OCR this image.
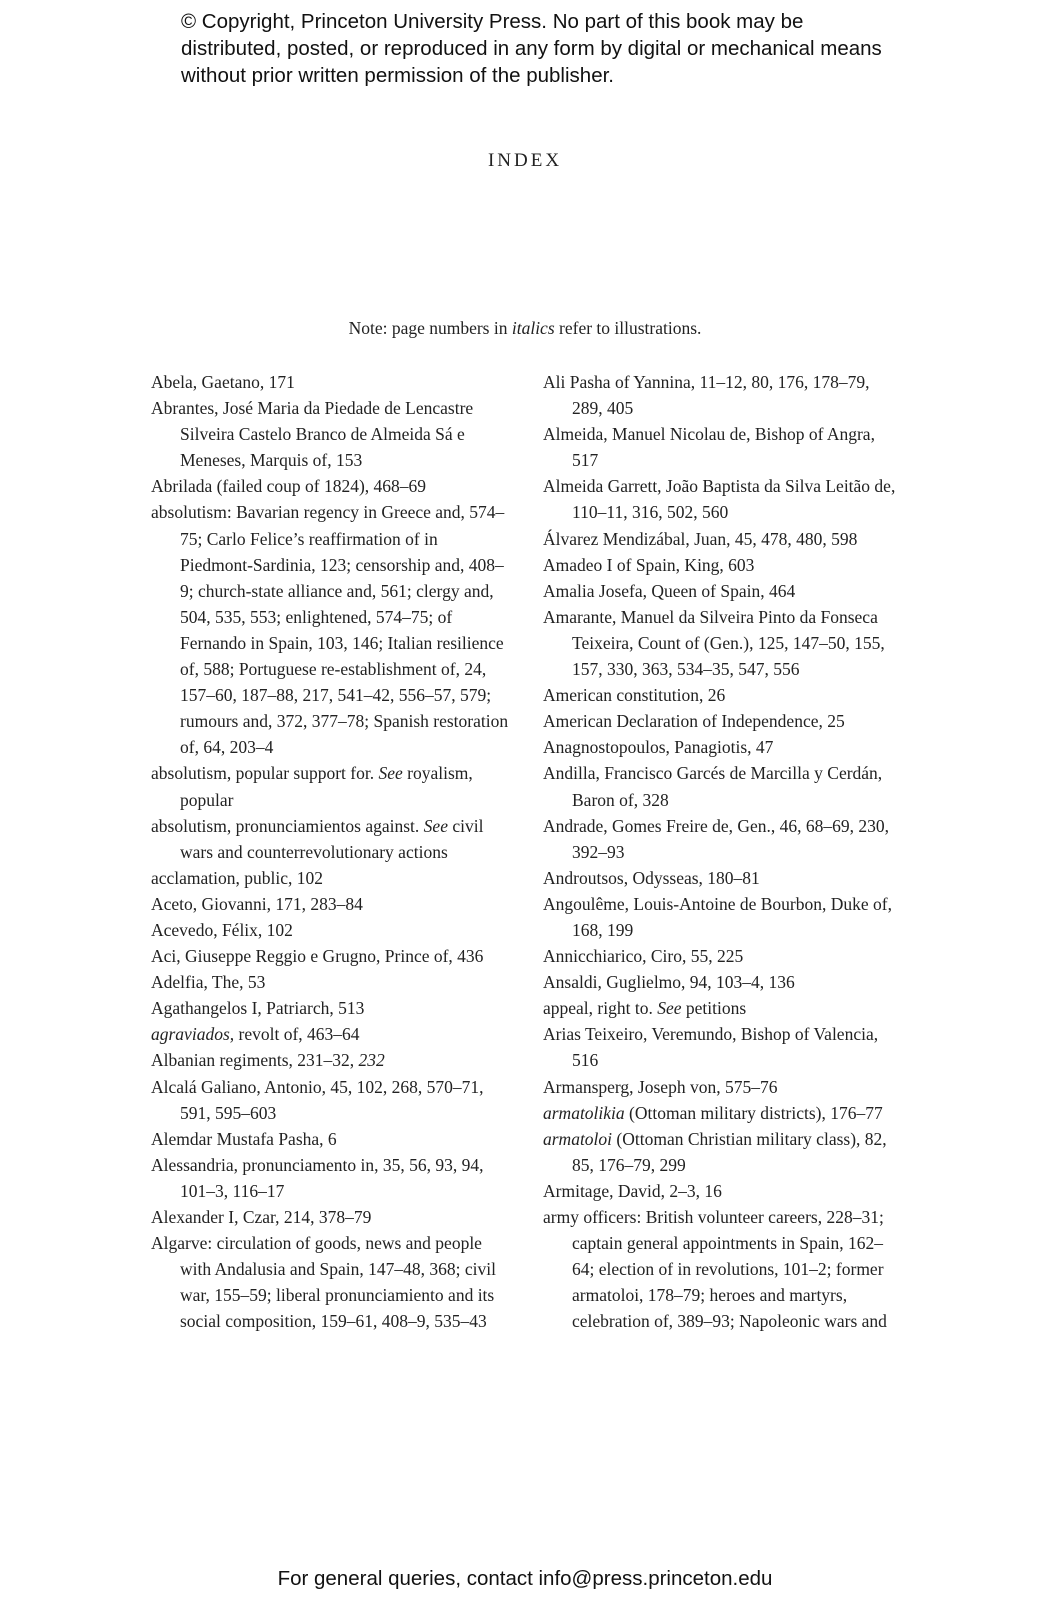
© Copyright, Princeton University Press. No part of this book may be distributed, posted, or reproduced in any form by digital or mechanical means without prior written permission of the publisher.
INDEX
Note: page numbers in italics refer to illustrations.
Abela, Gaetano, 171
Abrantes, José Maria da Piedade de Lencastre Silveira Castelo Branco de Almeida Sá e Meneses, Marquis of, 153
Abrilada (failed coup of 1824), 468–69
absolutism: Bavarian regency in Greece and, 574–75; Carlo Felice’s reaffirmation of in Piedmont-Sardinia, 123; censorship and, 408–9; church-state alliance and, 561; clergy and, 504, 535, 553; enlightened, 574–75; of Fernando in Spain, 103, 146; Italian resilience of, 588; Portuguese re-establishment of, 24, 157–60, 187–88, 217, 541–42, 556–57, 579; rumours and, 372, 377–78; Spanish restoration of, 64, 203–4
absolutism, popular support for. See royalism, popular
absolutism, pronunciamientos against. See civil wars and counterrevolutionary actions
acclamation, public, 102
Aceto, Giovanni, 171, 283–84
Acevedo, Félix, 102
Aci, Giuseppe Reggio e Grugno, Prince of, 436
Adelfia, The, 53
Agathangelos I, Patriarch, 513
agraviados, revolt of, 463–64
Albanian regiments, 231–32, 232
Alcalá Galiano, Antonio, 45, 102, 268, 570–71, 591, 595–603
Alemdar Mustafa Pasha, 6
Alessandria, pronunciamento in, 35, 56, 93, 94, 101–3, 116–17
Alexander I, Czar, 214, 378–79
Algarve: circulation of goods, news and people with Andalusia and Spain, 147–48, 368; civil war, 155–59; liberal pronunciamiento and its social composition, 159–61, 408–9, 535–43
Ali Pasha of Yannina, 11–12, 80, 176, 178–79, 289, 405
Almeida, Manuel Nicolau de, Bishop of Angra, 517
Almeida Garrett, João Baptista da Silva Leitão de, 110–11, 316, 502, 560
Álvarez Mendizábal, Juan, 45, 478, 480, 598
Amadeo I of Spain, King, 603
Amalia Josefa, Queen of Spain, 464
Amarante, Manuel da Silveira Pinto da Fonseca Teixeira, Count of (Gen.), 125, 147–50, 155, 157, 330, 363, 534–35, 547, 556
American constitution, 26
American Declaration of Independence, 25
Anagnostopoulos, Panagiotis, 47
Andilla, Francisco Garcés de Marcilla y Cerdán, Baron of, 328
Andrade, Gomes Freire de, Gen., 46, 68–69, 230, 392–93
Androutsos, Odysseas, 180–81
Angoulême, Louis-Antoine de Bourbon, Duke of, 168, 199
Annicchiarico, Ciro, 55, 225
Ansaldi, Guglielmo, 94, 103–4, 136
appeal, right to. See petitions
Arias Teixeiro, Veremundo, Bishop of Valencia, 516
Armansperg, Joseph von, 575–76
armatolikia (Ottoman military districts), 176–77
armatoloi (Ottoman Christian military class), 82, 85, 176–79, 299
Armitage, David, 2–3, 16
army officers: British volunteer careers, 228–31; captain general appointments in Spain, 162–64; election of in revolutions, 101–2; former armatoloi, 178–79; heroes and martyrs, celebration of, 389–93; Napoleonic wars and
For general queries, contact info@press.princeton.edu
